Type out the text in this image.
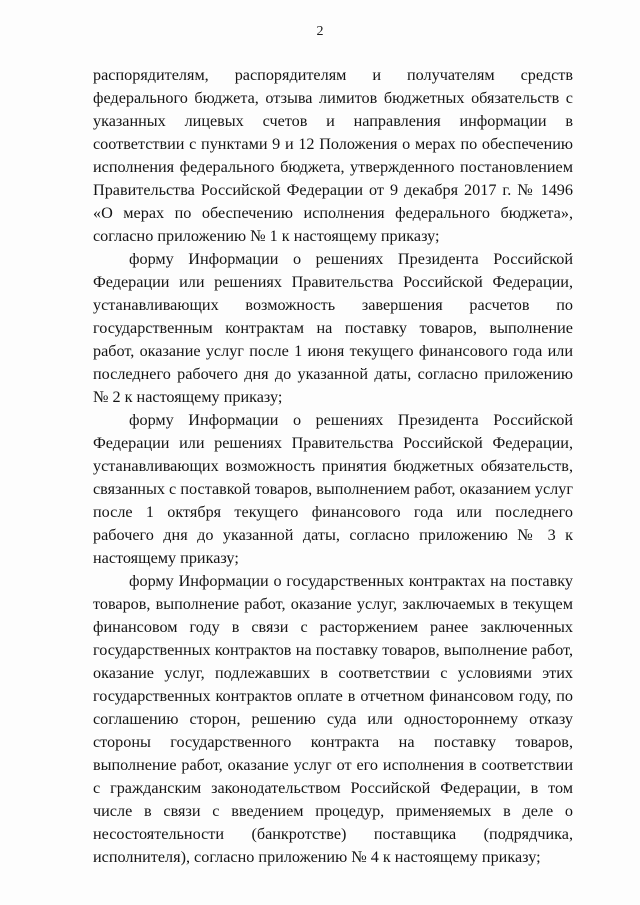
2

распорядителям, распорядителям и получателям средств федерального бюджета, отзыва лимитов бюджетных обязательств с указанных лицевых счетов и направления информации в соответствии с пунктами 9 и 12 Положения о мерах по обеспечению исполнения федерального бюджета, утвержденного постановлением Правительства Российской Федерации от 9 декабря 2017 г. № 1496 «О мерах по обеспечению исполнения федерального бюджета», согласно приложению № 1 к настоящему приказу;

форму Информации о решениях Президента Российской Федерации или решениях Правительства Российской Федерации, устанавливающих возможность завершения расчетов по государственным контрактам на поставку товаров, выполнение работ, оказание услуг после 1 июня текущего финансового года или последнего рабочего дня до указанной даты, согласно приложению № 2 к настоящему приказу;

форму Информации о решениях Президента Российской Федерации или решениях Правительства Российской Федерации, устанавливающих возможность принятия бюджетных обязательств, связанных с поставкой товаров, выполнением работ, оказанием услуг после 1 октября текущего финансового года или последнего рабочего дня до указанной даты, согласно приложению № 3 к настоящему приказу;

форму Информации о государственных контрактах на поставку товаров, выполнение работ, оказание услуг, заключаемых в текущем финансовом году в связи с расторжением ранее заключенных государственных контрактов на поставку товаров, выполнение работ, оказание услуг, подлежавших в соответствии с условиями этих государственных контрактов оплате в отчетном финансовом году, по соглашению сторон, решению суда или одностороннему отказу стороны государственного контракта на поставку товаров, выполнение работ, оказание услуг от его исполнения в соответствии с гражданским законодательством Российской Федерации, в том числе в связи с введением процедур, применяемых в деле о несостоятельности (банкротстве) поставщика (подрядчика, исполнителя), согласно приложению № 4 к настоящему приказу;
